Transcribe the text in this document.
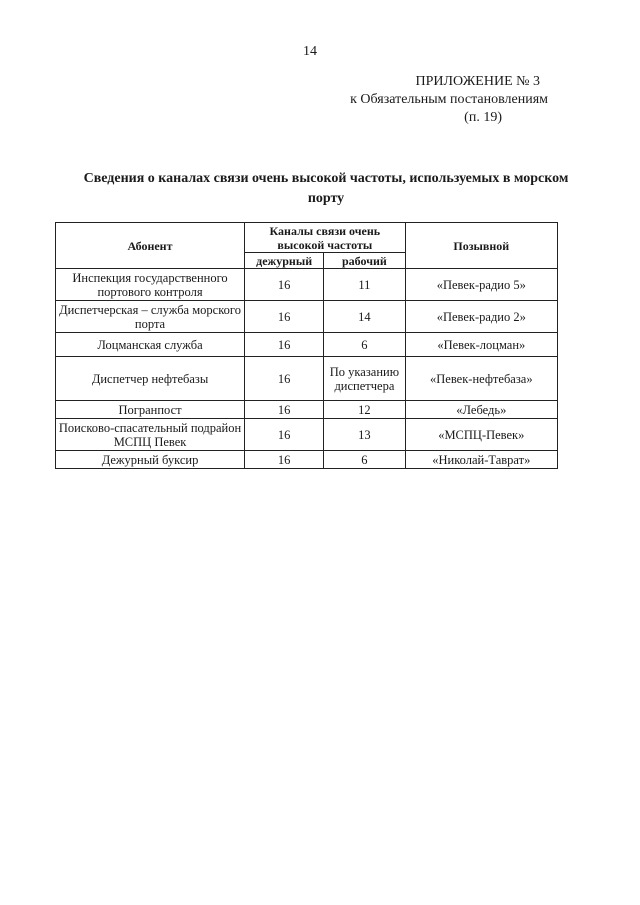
14
ПРИЛОЖЕНИЕ № 3
к Обязательным постановлениям
(п. 19)
Сведения о каналах связи очень высокой частоты, используемых в морском порту
Абонент	Каналы связи очень высокой частоты		Позывной
	дежурный	рабочий	
Инспекция государственного портового контроля	16	11	«Певек-радио 5»
Диспетчерская – служба морского порта	16	14	«Певек-радио 2»
Лоцманская служба	16	6	«Певек-лоцман»
Диспетчер нефтебазы	16	По указанию диспетчера	«Певек-нефтебаза»
Погранпост	16	12	«Лебедь»
Поисково-спасательный подрайон МСПЦ Певек	16	13	«МСПЦ-Певек»
Дежурный буксир	16	6	«Николай-Таврат»
